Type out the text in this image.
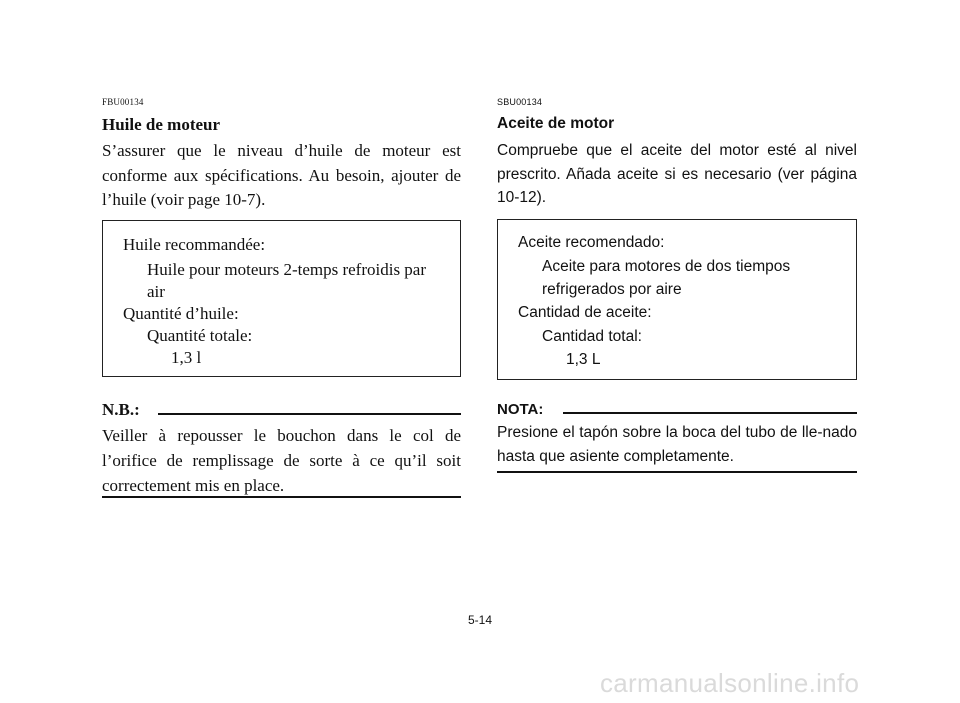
FBU00134
Huile de moteur

S’assurer que le niveau d’huile de moteur est conforme aux spécifications. Au besoin, ajouter de l’huile (voir page 10-7).

Huile recommandée:
Huile pour moteurs 2-temps refroidis par
air
Quantité d’huile:
Quantité totale:
1,3 l
N.B.:

Veiller à repousser le bouchon dans le col de l’orifice de remplissage de sorte à ce qu’il soit correctement mis en place.

SBU00134
Aceite de motor

Compruebe que el aceite del motor esté al nivel prescrito. Añada aceite si es necesario (ver página 10-12).

Aceite recomendado:
Aceite para motores de dos tiempos
refrigerados por aire
Cantidad de aceite:
Cantidad total:
1,3 L
NOTA:

Presione el tapón sobre la boca del tubo de lle-nado hasta que asiente completamente.

5-14
carmanualsonline.info
